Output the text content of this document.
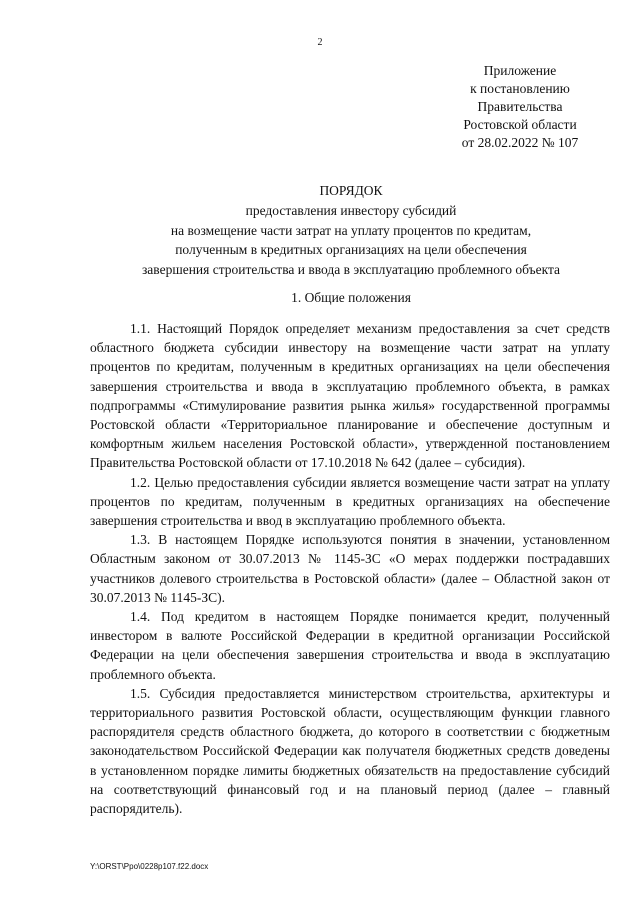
2
Приложение
к постановлению
Правительства
Ростовской области
от 28.02.2022 № 107
ПОРЯДОК
предоставления инвестору субсидий
на возмещение части затрат на уплату процентов по кредитам,
полученным в кредитных организациях на цели обеспечения
завершения строительства и ввода в эксплуатацию проблемного объекта
1. Общие положения

1.1. Настоящий Порядок определяет механизм предоставления за счет средств областного бюджета субсидии инвестору на возмещение части затрат на уплату процентов по кредитам, полученным в кредитных организациях на цели обеспечения завершения строительства и ввода в эксплуатацию проблемного объекта, в рамках подпрограммы «Стимулирование развития рынка жилья» государственной программы Ростовской области «Территориальное планирование и обеспечение доступным и комфортным жильем населения Ростовской области», утвержденной постановлением Правительства Ростовской области от 17.10.2018 № 642 (далее – субсидия).

1.2. Целью предоставления субсидии является возмещение части затрат на уплату процентов по кредитам, полученным в кредитных организациях на обеспечение завершения строительства и ввод в эксплуатацию проблемного объекта.

1.3. В настоящем Порядке используются понятия в значении, установленном Областным законом от 30.07.2013 № 1145-ЗС «О мерах поддержки пострадавших участников долевого строительства в Ростовской области» (далее – Областной закон от 30.07.2013 № 1145-ЗС).

1.4. Под кредитом в настоящем Порядке понимается кредит, полученный инвестором в валюте Российской Федерации в кредитной организации Российской Федерации на цели обеспечения завершения строительства и ввода в эксплуатацию проблемного объекта.

1.5. Субсидия предоставляется министерством строительства, архитектуры и территориального развития Ростовской области, осуществляющим функции главного распорядителя средств областного бюджета, до которого в соответствии с бюджетным законодательством Российской Федерации как получателя бюджетных средств доведены в установленном порядке лимиты бюджетных обязательств на предоставление субсидий на соответствующий финансовый год и на плановый период (далее – главный распорядитель).

Y:\ORST\Ppo\0228p107.f22.docx
